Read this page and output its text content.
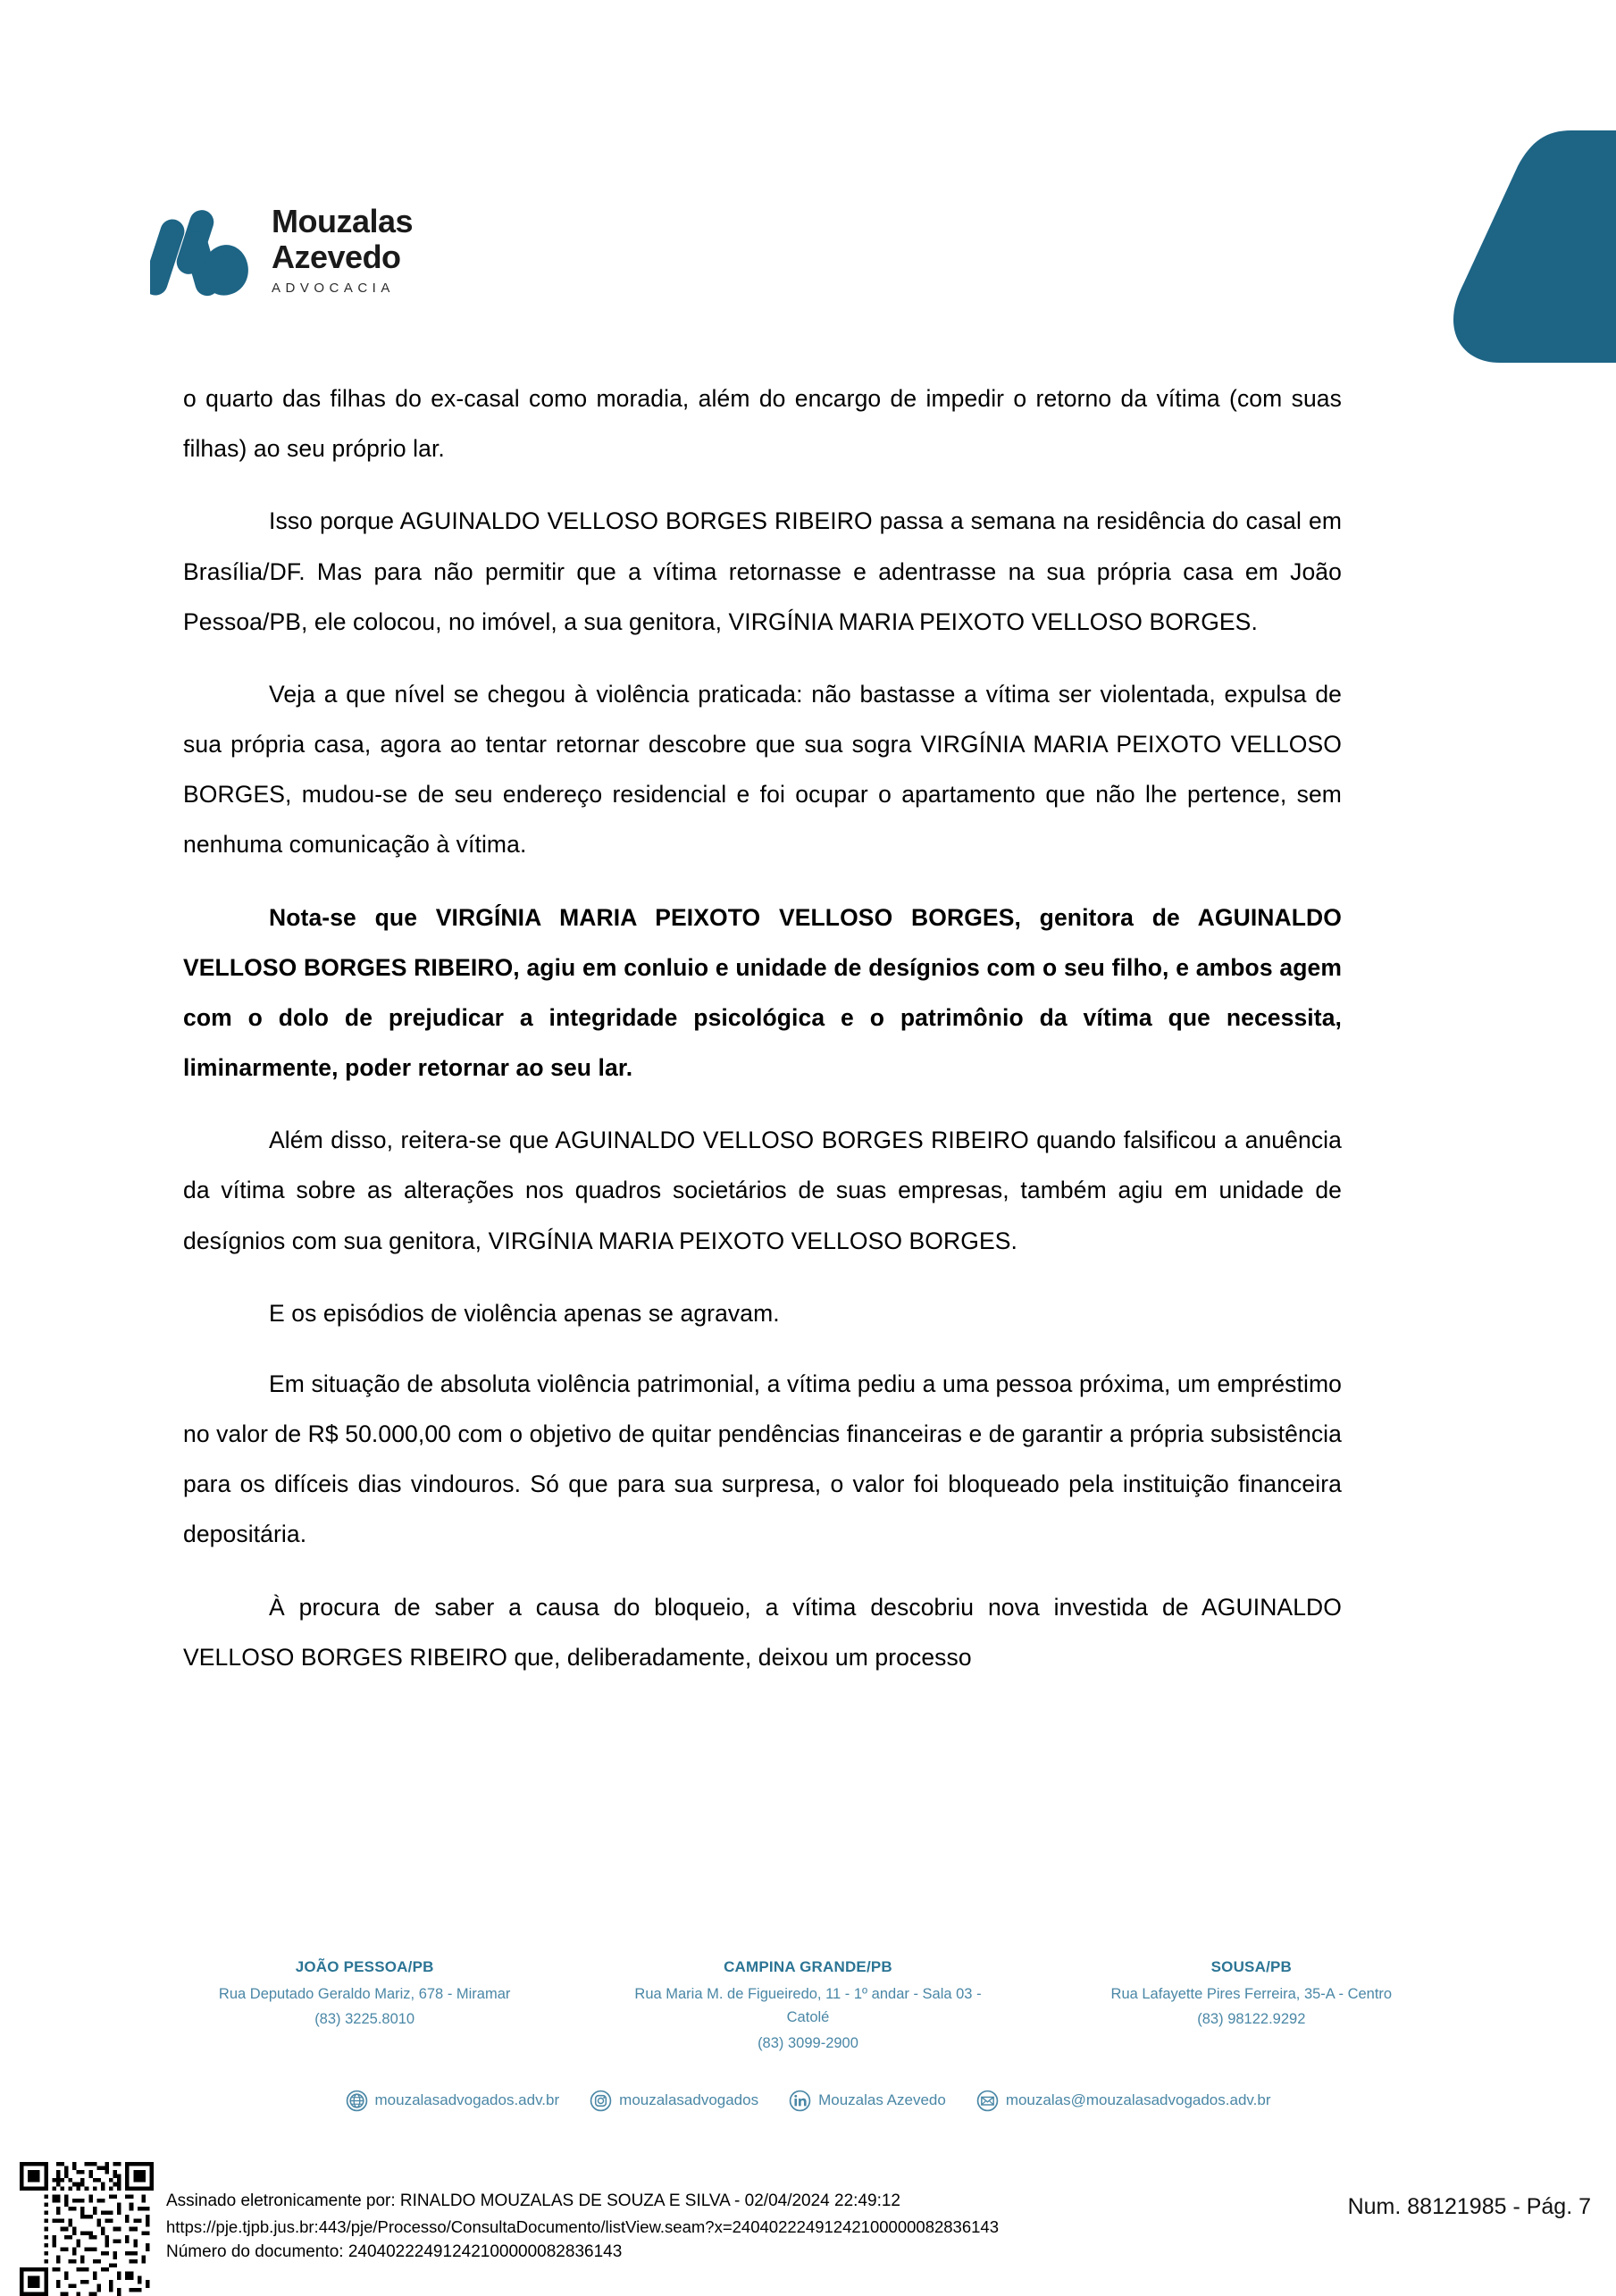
Mouzalas
Azevedo
ADVOCACIA

o quarto das filhas do ex-casal como moradia, além do encargo de impedir o retorno da vítima (com suas filhas) ao seu próprio lar.

Isso porque AGUINALDO VELLOSO BORGES RIBEIRO passa a semana na residência do casal em Brasília/DF. Mas para não permitir que a vítima retornasse e adentrasse na sua própria casa em João Pessoa/PB, ele colocou, no imóvel, a sua genitora, VIRGÍNIA MARIA PEIXOTO VELLOSO BORGES.

Veja a que nível se chegou à violência praticada: não bastasse a vítima ser violentada, expulsa de sua própria casa, agora ao tentar retornar descobre que sua sogra VIRGÍNIA MARIA PEIXOTO VELLOSO BORGES, mudou-se de seu endereço residencial e foi ocupar o apartamento que não lhe pertence, sem nenhuma comunicação à vítima.

Nota-se que VIRGÍNIA MARIA PEIXOTO VELLOSO BORGES, genitora de AGUINALDO VELLOSO BORGES RIBEIRO, agiu em conluio e unidade de desígnios com o seu filho, e ambos agem com o dolo de prejudicar a integridade psicológica e o patrimônio da vítima que necessita, liminarmente, poder retornar ao seu lar.

Além disso, reitera-se que AGUINALDO VELLOSO BORGES RIBEIRO quando falsificou a anuência da vítima sobre as alterações nos quadros societários de suas empresas, também agiu em unidade de desígnios com sua genitora, VIRGÍNIA MARIA PEIXOTO VELLOSO BORGES.

E os episódios de violência apenas se agravam.

Em situação de absoluta violência patrimonial, a vítima pediu a uma pessoa próxima, um empréstimo no valor de R$ 50.000,00 com o objetivo de quitar pendências financeiras e de garantir a própria subsistência para os difíceis dias vindouros. Só que para sua surpresa, o valor foi bloqueado pela instituição financeira depositária.

À procura de saber a causa do bloqueio, a vítima descobriu nova investida de AGUINALDO VELLOSO BORGES RIBEIRO que, deliberadamente, deixou um processo

JOÃO PESSOA/PB
Rua Deputado Geraldo Mariz, 678 - Miramar
(83) 3225.8010
CAMPINA GRANDE/PB
Rua Maria M. de Figueiredo, 11 - 1º andar - Sala 03 - Catolé
(83) 3099-2900
SOUSA/PB
Rua Lafayette Pires Ferreira, 35-A - Centro
(83) 98122.9292
mouzalasadvogados.adv.br	mouzalasadvogados	Mouzalas Azevedo	mouzalas@mouzalasadvogados.adv.br
Assinado eletronicamente por: RINALDO MOUZALAS DE SOUZA E SILVA - 02/04/2024 22:49:12
https://pje.tjpb.jus.br:443/pje/Processo/ConsultaDocumento/listView.seam?x=24040222491242100000082836143
Número do documento: 24040222491242100000082836143
Num. 88121985 - Pág. 7
